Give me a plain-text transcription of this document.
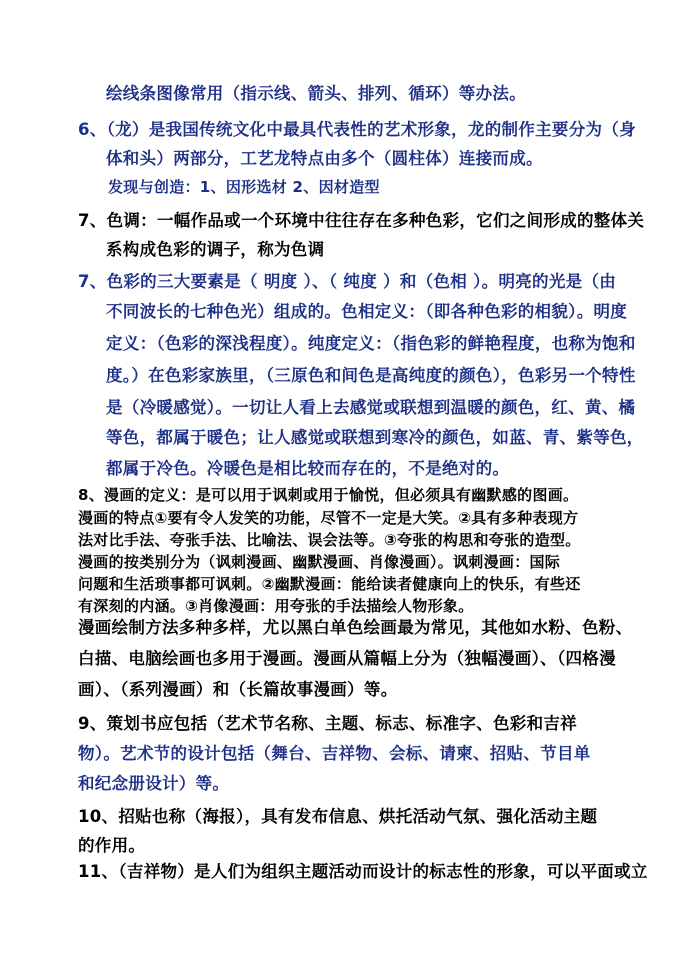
绘线条图像常用（指示线、箭头、排列、循环）等办法。
6、（龙）是我国传统文化中最具代表性的艺术形象，龙的制作主要分为（身
体和头）两部分，工艺龙特点由多个（圆柱体）连接而成。
发现与创造：1、因形选材 2、因材造型
7、色调：一幅作品或一个环境中往往存在多种色彩，它们之间形成的整体关
系构成色彩的调子，称为色调
7、色彩的三大要素是（ 明度 ）、（ 纯度 ）和（色相 ）。明亮的光是（由
不同波长的七种色光）组成的。色相定义：（即各种色彩的相貌）。明度
定义：（色彩的深浅程度）。纯度定义：（指色彩的鲜艳程度，也称为饱和
度。）在色彩家族里，（三原色和间色是高纯度的颜色），色彩另一个特性
是（冷暖感觉）。一切让人看上去感觉或联想到温暖的颜色，红、黄、橘
等色，都属于暖色；让人感觉或联想到寒冷的颜色，如蓝、青、紫等色，
都属于冷色。冷暖色是相比较而存在的，不是绝对的。
8、漫画的定义：是可以用于讽刺或用于愉悦，但必须具有幽默感的图画。
漫画的特点①要有令人发笑的功能，尽管不一定是大笑。②具有多种表现方
法对比手法、夸张手法、比喻法、误会法等。③夸张的构思和夸张的造型。
漫画的按类别分为（讽刺漫画、幽默漫画、肖像漫画）。讽刺漫画：国际
问题和生活琐事都可讽刺。②幽默漫画：能给读者健康向上的快乐，有些还
有深刻的内涵。③肖像漫画：用夸张的手法描绘人物形象。
漫画绘制方法多种多样，尤以黑白单色绘画最为常见，其他如水粉、色粉、
白描、电脑绘画也多用于漫画。漫画从篇幅上分为（独幅漫画）、（四格漫
画）、（系列漫画）和（长篇故事漫画）等。
9、策划书应包括（艺术节名称、主题、标志、标准字、色彩和吉祥
物）。艺术节的设计包括（舞台、吉祥物、会标、请柬、招贴、节目单
和纪念册设计）等。
10、招贴也称（海报），具有发布信息、烘托活动气氛、强化活动主题
的作用。
11、（吉祥物）是人们为组织主题活动而设计的标志性的形象，可以平面或立
